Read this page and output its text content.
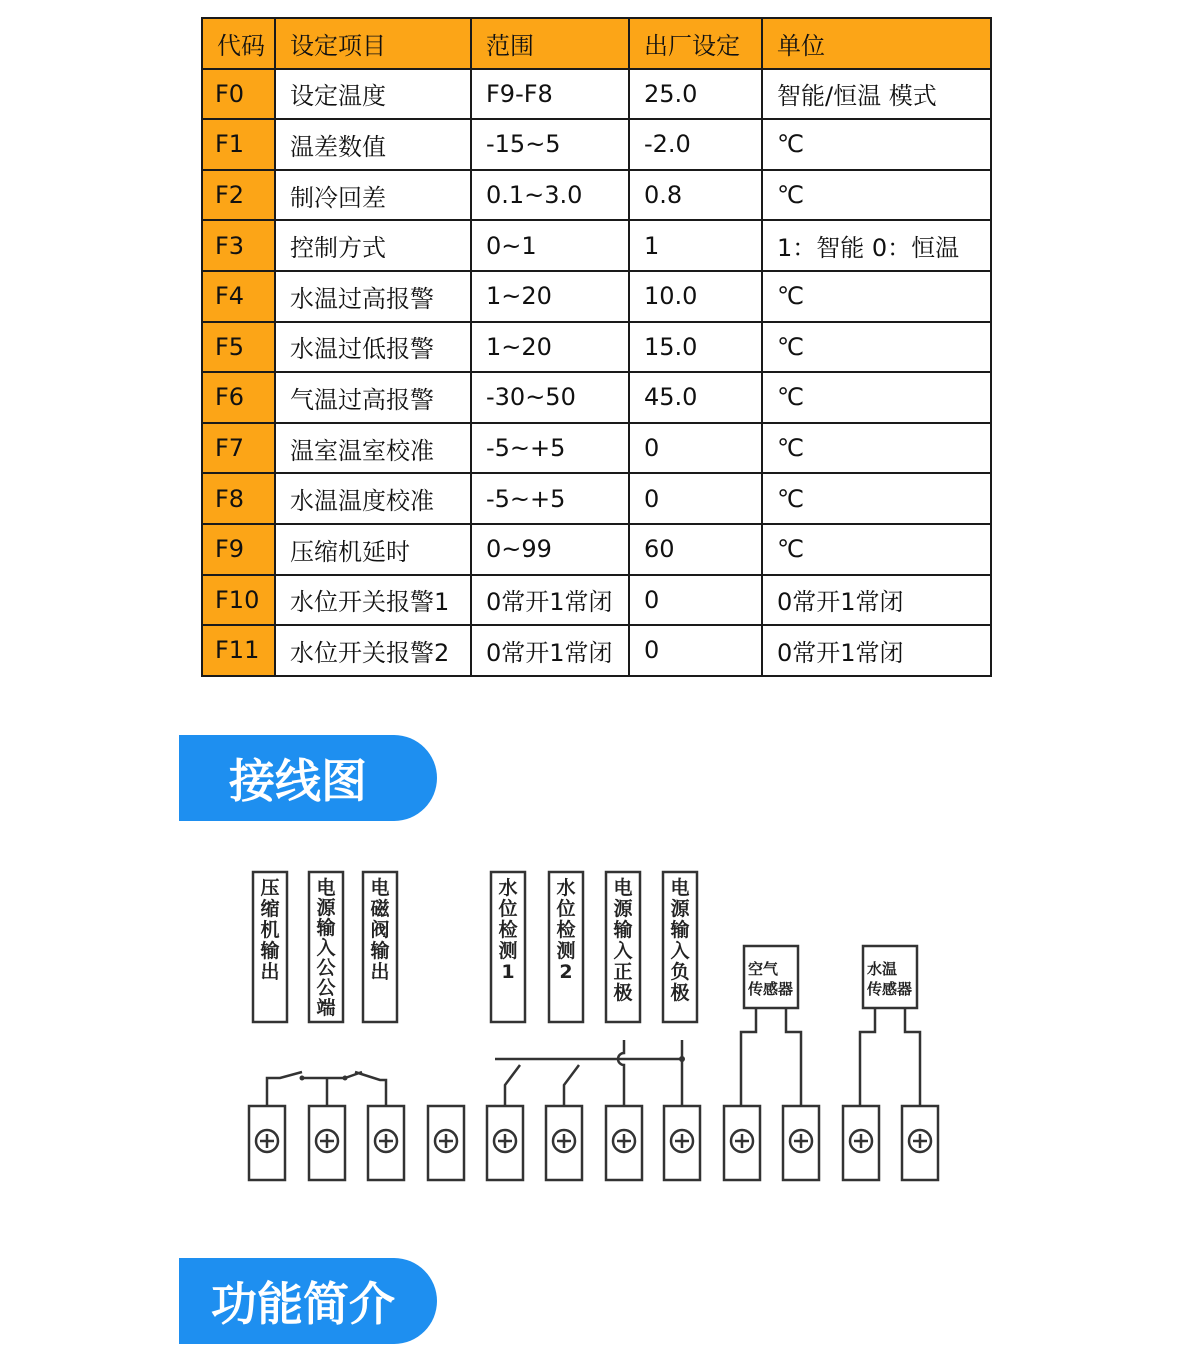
代码	设定项目	范围	出厂设定	单位
F0	设定温度	F9-F8	25.0	智能/恒温 模式
F1	温差数值	-15~5	-2.0	℃
F2	制冷回差	0.1~3.0	0.8	℃
F3	控制方式	0~1	1	1：智能 0：恒温
F4	水温过高报警	1~20	10.0	℃
F5	水温过低报警	1~20	15.0	℃
F6	气温过高报警	-30~50	45.0	℃
F7	温室温室校准	-5~+5	0	℃
F8	水温温度校准	-5~+5	0	℃
F9	压缩机延时	0~99	60	℃
F10	水位开关报警1	0常开1常闭	0	0常开1常闭
F11	水位开关报警2	0常开1常闭	0	0常开1常闭
接线图
压
缩
机
输
出
电
源
输
入
公
公
端
电
磁
阀
输
出
水
位
检
测
1
水
位
检
测
2
电
源
输
入
正
极
电
源
输
入
负
极
空气
传感器
水温
传感器
功能简介
